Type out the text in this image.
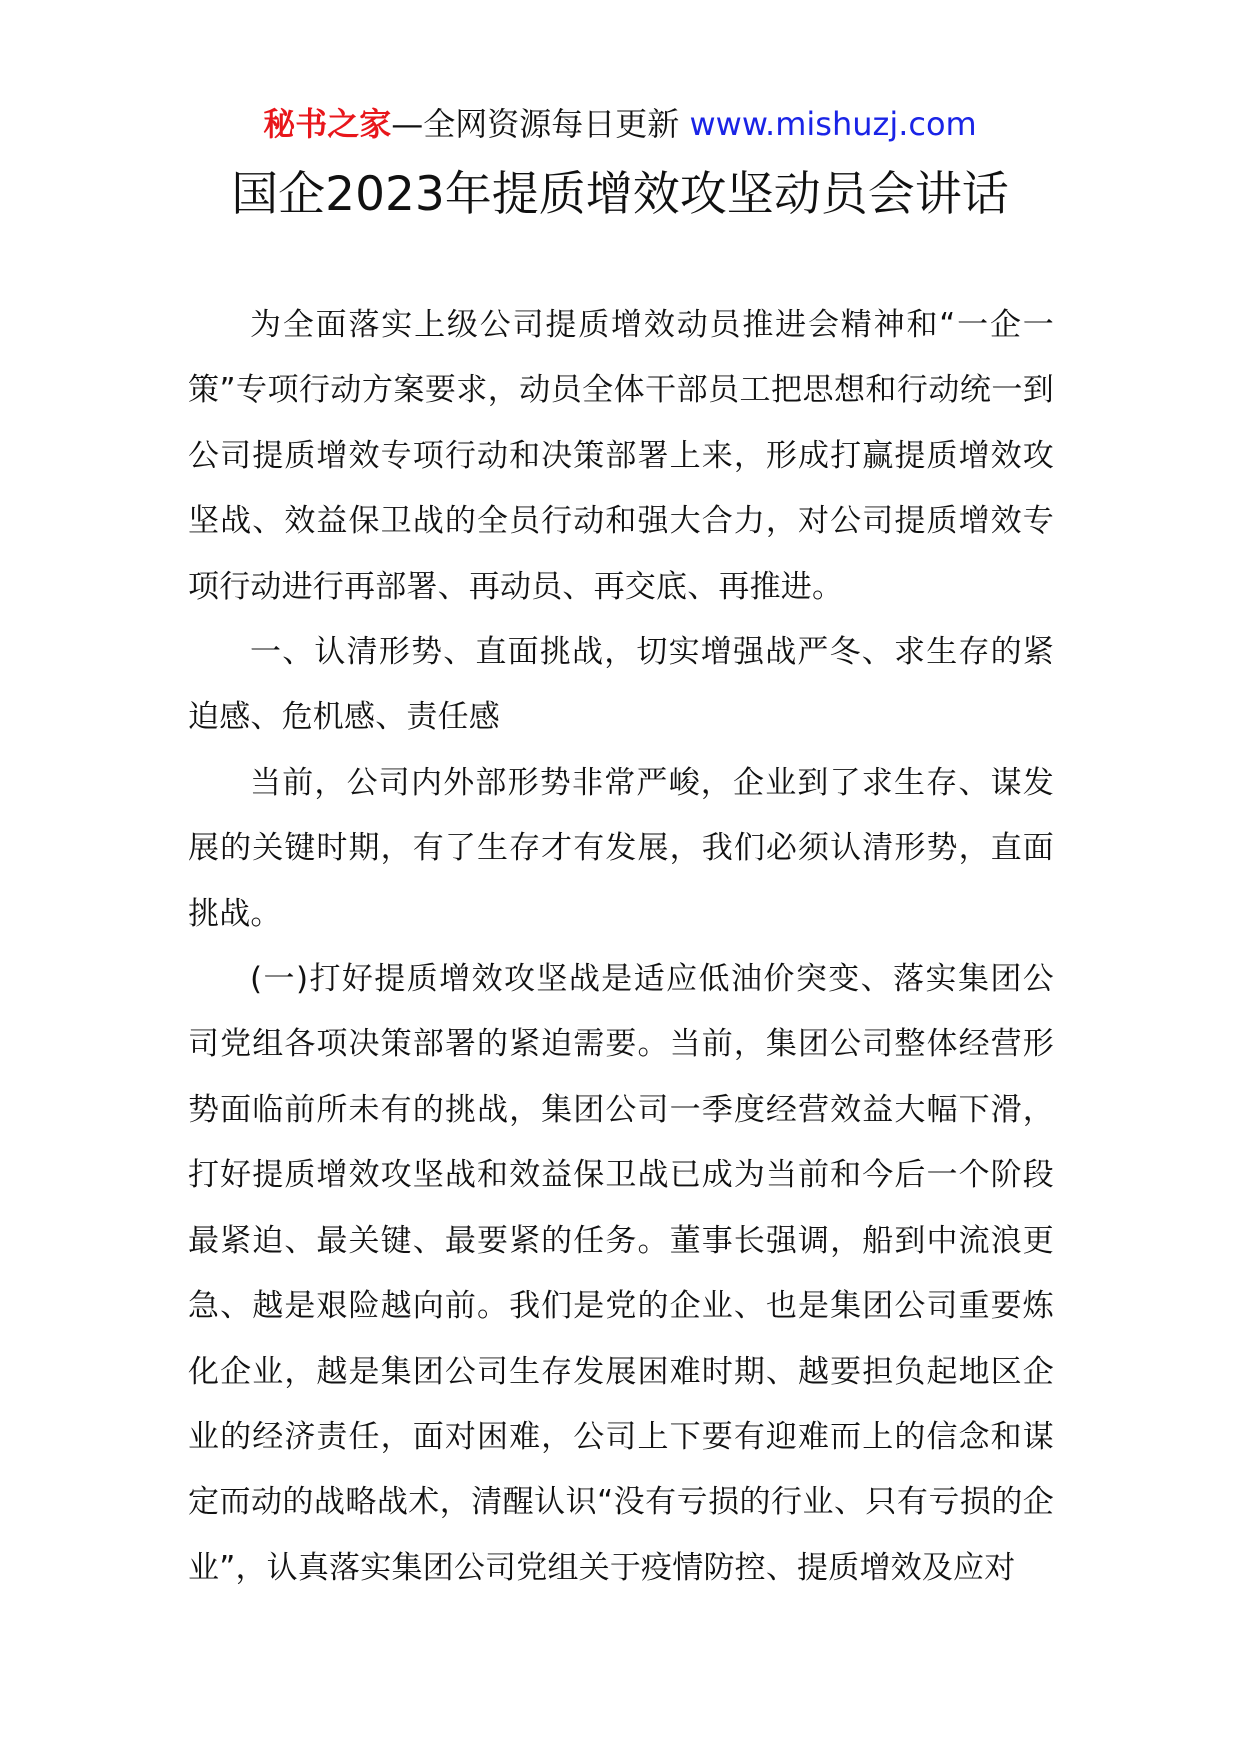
秘书之家—全网资源每日更新 www.mishuzj.com
国企2023年提质增效攻坚动员会讲话

为全面落实上级公司提质增效动员推进会精神和“一企一策”专项行动方案要求，动员全体干部员工把思想和行动统一到公司提质增效专项行动和决策部署上来，形成打赢提质增效攻坚战、效益保卫战的全员行动和强大合力，对公司提质增效专项行动进行再部署、再动员、再交底、再推进。

一、认清形势、直面挑战，切实增强战严冬、求生存的紧迫感、危机感、责任感

当前，公司内外部形势非常严峻，企业到了求生存、谋发展的关键时期，有了生存才有发展，我们必须认清形势，直面挑战。

(一)打好提质增效攻坚战是适应低油价突变、落实集团公司党组各项决策部署的紧迫需要。当前，集团公司整体经营形势面临前所未有的挑战，集团公司一季度经营效益大幅下滑，打好提质增效攻坚战和效益保卫战已成为当前和今后一个阶段最紧迫、最关键、最要紧的任务。董事长强调，船到中流浪更急、越是艰险越向前。我们是党的企业、也是集团公司重要炼化企业，越是集团公司生存发展困难时期、越要担负起地区企业的经济责任，面对困难，公司上下要有迎难而上的信念和谋定而动的战略战术，清醒认识“没有亏损的行业、只有亏损的企业”，认真落实集团公司党组关于疫情防控、提质增效及应对
